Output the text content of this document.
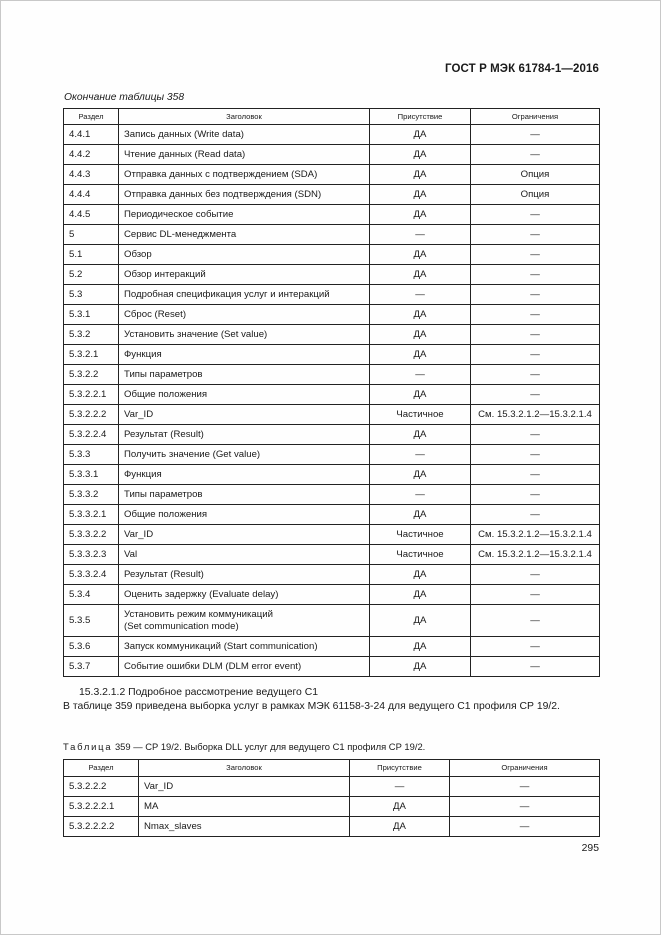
ГОСТ Р МЭК 61784-1—2016
Окончание таблицы 358
Раздел	Заголовок	Присутствие	Ограничения
4.4.1	Запись данных (Write data)	ДА	—
4.4.2	Чтение данных (Read data)	ДА	—
4.4.3	Отправка данных с подтверждением (SDA)	ДА	Опция
4.4.4	Отправка данных без подтверждения (SDN)	ДА	Опция
4.4.5	Периодическое событие	ДА	—
5	Сервис DL-менеджмента	—	—
5.1	Обзор	ДА	—
5.2	Обзор интеракций	ДА	—
5.3	Подробная спецификация услуг и интеракций	—	—
5.3.1	Сброс (Reset)	ДА	—
5.3.2	Установить значение (Set value)	ДА	—
5.3.2.1	Функция	ДА	—
5.3.2.2	Типы параметров	—	—
5.3.2.2.1	Общие положения	ДА	—
5.3.2.2.2	Var_ID	Частичное	См. 15.3.2.1.2—15.3.2.1.4
5.3.2.2.4	Результат (Result)	ДА	—
5.3.3	Получить значение (Get value)	—	—
5.3.3.1	Функция	ДА	—
5.3.3.2	Типы параметров	—	—
5.3.3.2.1	Общие положения	ДА	—
5.3.3.2.2	Var_ID	Частичное	См. 15.3.2.1.2—15.3.2.1.4
5.3.3.2.3	Val	Частичное	См. 15.3.2.1.2—15.3.2.1.4
5.3.3.2.4	Результат (Result)	ДА	—
5.3.4	Оценить задержку (Evaluate delay)	ДА	—
5.3.5	Установить режим коммуникаций
(Set communication mode)	ДА	—
5.3.6	Запуск коммуникаций (Start communication)	ДА	—
5.3.7	Событие ошибки DLM (DLM error event)	ДА	—
15.3.2.1.2 Подробное рассмотрение ведущего С1
В таблице 359 приведена выборка услуг в рамках МЭК 61158-3-24 для ведущего С1 профиля СР 19/2.
Таблица 359 — СР 19/2. Выборка DLL услуг для ведущего С1 профиля СР 19/2.
Раздел	Заголовок	Присутствие	Ограничения
5.3.2.2.2	Var_ID	—	—
5.3.2.2.2.1	MA	ДА	—
5.3.2.2.2.2	Nmax_slaves	ДА	—
295
